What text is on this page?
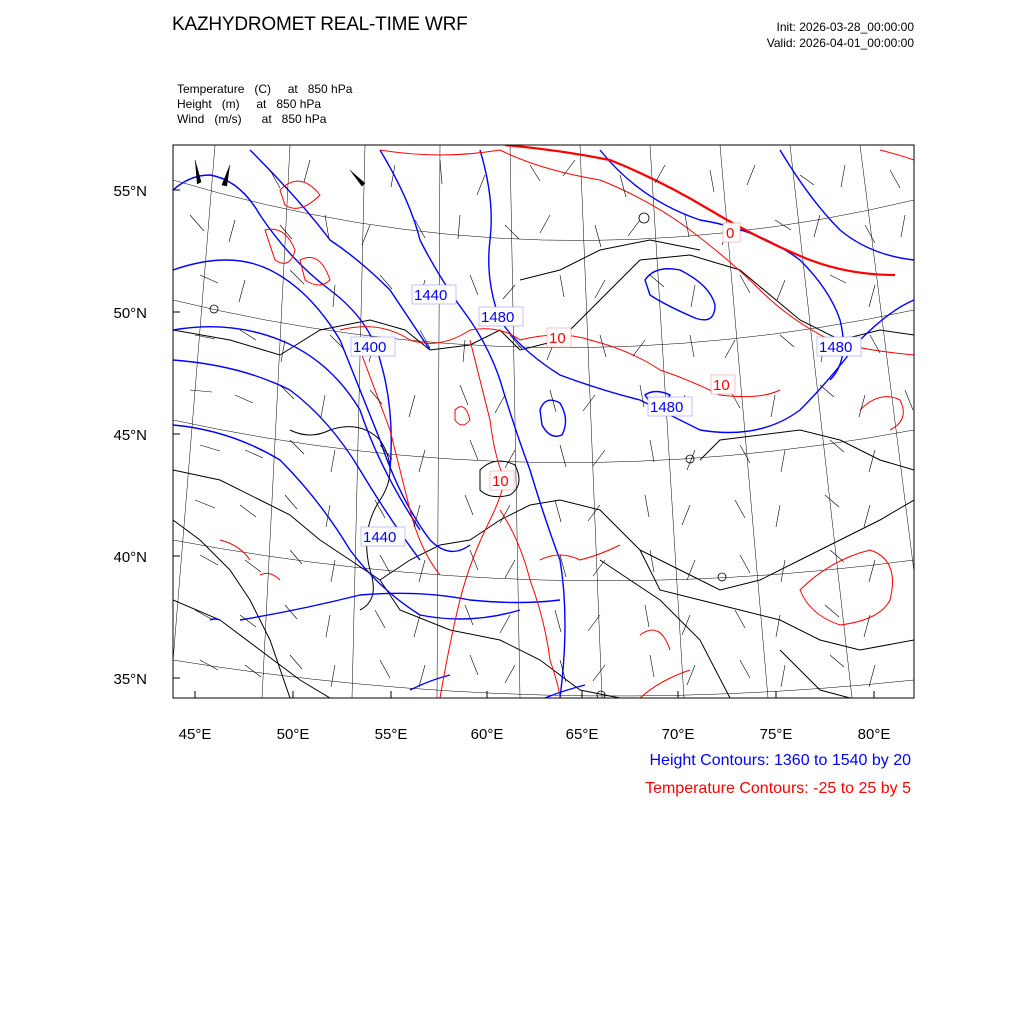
KAZHYDROMET REAL-TIME WRF	Init: 2026-03-28_00:00:00
Valid: 2026-04-01_00:00:00
Temperature   (C)     at   850 hPa
Height   (m)     at   850 hPa
Wind   (m/s)      at   850 hPa
1440
1480
1400	1480
1480
1440
0
10
10
10
55°N
50°N
45°N
40°N
35°N
45°E	50°E	55°E	60°E	65°E	70°E	75°E	80°E
Height Contours: 1360 to 1540 by 20
Temperature Contours: -25 to 25 by 5
